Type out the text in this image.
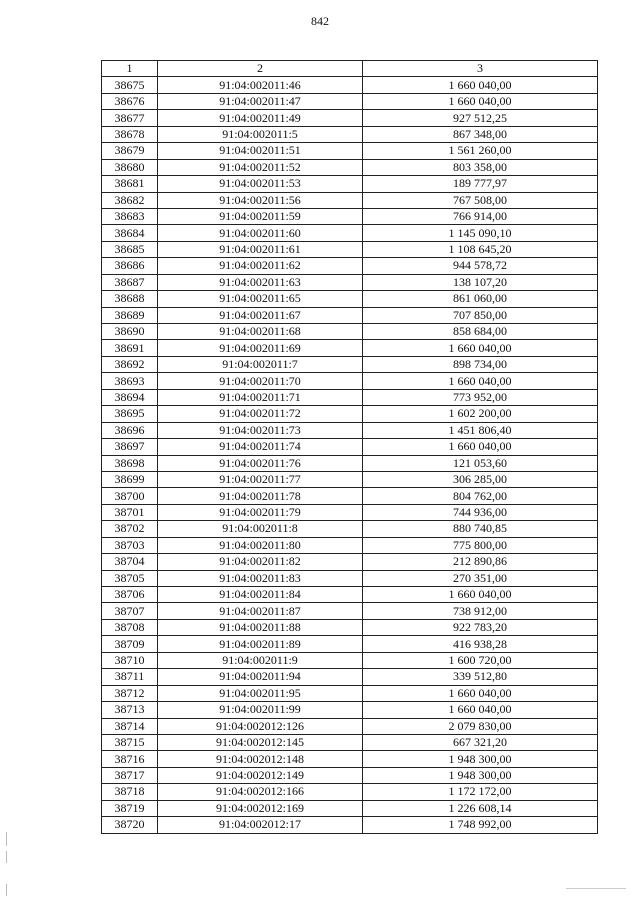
842
1	2	3
38675	91:04:002011:46	1 660 040,00
38676	91:04:002011:47	1 660 040,00
38677	91:04:002011:49	927 512,25
38678	91:04:002011:5	867 348,00
38679	91:04:002011:51	1 561 260,00
38680	91:04:002011:52	803 358,00
38681	91:04:002011:53	189 777,97
38682	91:04:002011:56	767 508,00
38683	91:04:002011:59	766 914,00
38684	91:04:002011:60	1 145 090,10
38685	91:04:002011:61	1 108 645,20
38686	91:04:002011:62	944 578,72
38687	91:04:002011:63	138 107,20
38688	91:04:002011:65	861 060,00
38689	91:04:002011:67	707 850,00
38690	91:04:002011:68	858 684,00
38691	91:04:002011:69	1 660 040,00
38692	91:04:002011:7	898 734,00
38693	91:04:002011:70	1 660 040,00
38694	91:04:002011:71	773 952,00
38695	91:04:002011:72	1 602 200,00
38696	91:04:002011:73	1 451 806,40
38697	91:04:002011:74	1 660 040,00
38698	91:04:002011:76	121 053,60
38699	91:04:002011:77	306 285,00
38700	91:04:002011:78	804 762,00
38701	91:04:002011:79	744 936,00
38702	91:04:002011:8	880 740,85
38703	91:04:002011:80	775 800,00
38704	91:04:002011:82	212 890,86
38705	91:04:002011:83	270 351,00
38706	91:04:002011:84	1 660 040,00
38707	91:04:002011:87	738 912,00
38708	91:04:002011:88	922 783,20
38709	91:04:002011:89	416 938,28
38710	91:04:002011:9	1 600 720,00
38711	91:04:002011:94	339 512,80
38712	91:04:002011:95	1 660 040,00
38713	91:04:002011:99	1 660 040,00
38714	91:04:002012:126	2 079 830,00
38715	91:04:002012:145	667 321,20
38716	91:04:002012:148	1 948 300,00
38717	91:04:002012:149	1 948 300,00
38718	91:04:002012:166	1 172 172,00
38719	91:04:002012:169	1 226 608,14
38720	91:04:002012:17	1 748 992,00
